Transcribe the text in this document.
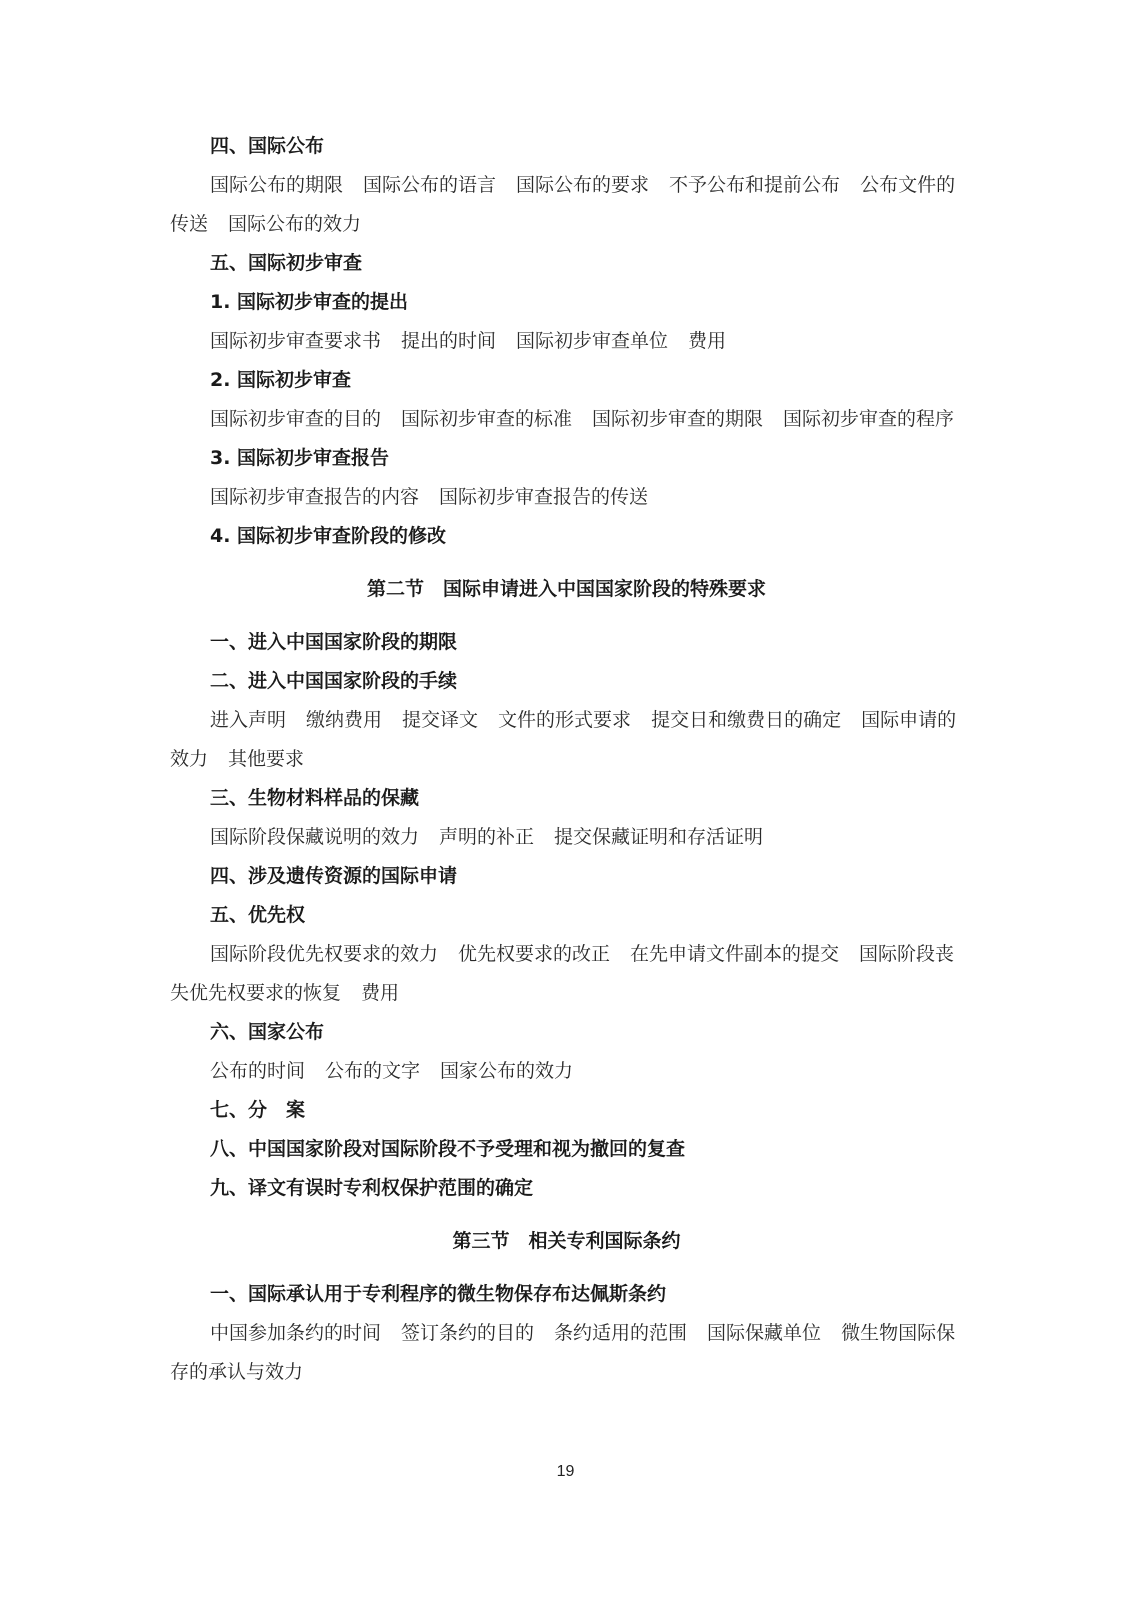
四、国际公布
国际公布的期限 国际公布的语言 国际公布的要求 不予公布和提前公布 公布文件的传送 国际公布的效力
五、国际初步审查
1. 国际初步审查的提出
国际初步审查要求书 提出的时间 国际初步审查单位 费用
2. 国际初步审查
国际初步审查的目的 国际初步审查的标准 国际初步审查的期限 国际初步审查的程序
3. 国际初步审查报告
国际初步审查报告的内容 国际初步审查报告的传送
4. 国际初步审查阶段的修改
第二节　国际申请进入中国国家阶段的特殊要求
一、进入中国国家阶段的期限
二、进入中国国家阶段的手续
进入声明 缴纳费用 提交译文 文件的形式要求 提交日和缴费日的确定 国际申请的效力 其他要求
三、生物材料样品的保藏
国际阶段保藏说明的效力 声明的补正 提交保藏证明和存活证明
四、涉及遗传资源的国际申请
五、优先权
国际阶段优先权要求的效力 优先权要求的改正 在先申请文件副本的提交 国际阶段丧失优先权要求的恢复 费用
六、国家公布
公布的时间 公布的文字 国家公布的效力
七、分　案
八、中国国家阶段对国际阶段不予受理和视为撤回的复查
九、译文有误时专利权保护范围的确定
第三节　相关专利国际条约
一、国际承认用于专利程序的微生物保存布达佩斯条约
中国参加条约的时间 签订条约的目的 条约适用的范围 国际保藏单位 微生物国际保存的承认与效力
19
